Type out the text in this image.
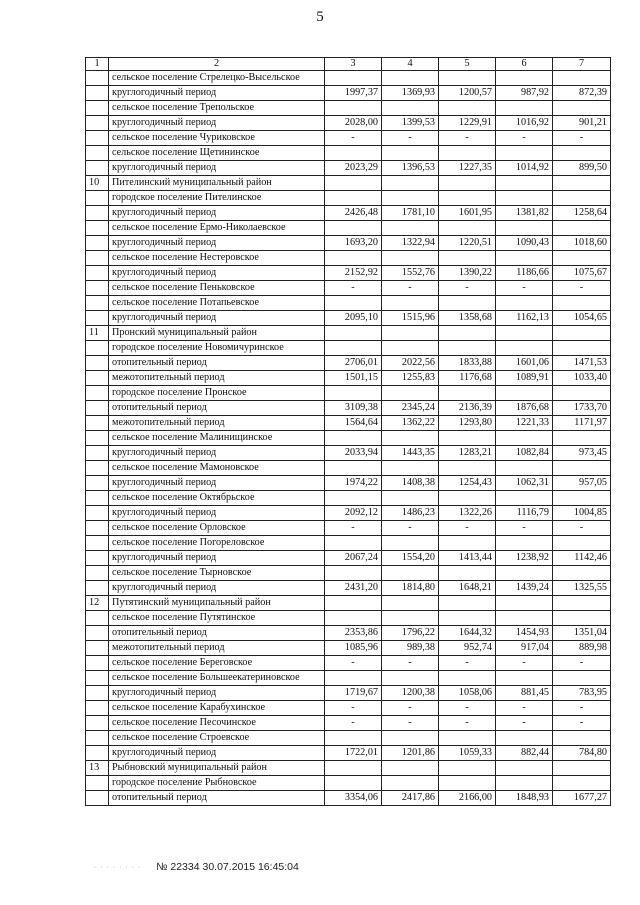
5
1	2	3	4	5	6	7
	сельское поселение Стрелецко-Высельское					
	круглогодичный период	1997,37	1369,93	1200,57	987,92	872,39
	сельское поселение Трепольское					
	круглогодичный период	2028,00	1399,53	1229,91	1016,92	901,21
	сельское поселение Чуриковское	-	-	-	-	-
	сельское поселение Щетининское					
	круглогодичный период	2023,29	1396,53	1227,35	1014,92	899,50
10	Пителинский муниципальный район					
	городское поселение Пителинское					
	круглогодичный период	2426,48	1781,10	1601,95	1381,82	1258,64
	сельское поселение Ермо-Николаевское					
	круглогодичный период	1693,20	1322,94	1220,51	1090,43	1018,60
	сельское поселение Нестеровское					
	круглогодичный период	2152,92	1552,76	1390,22	1186,66	1075,67
	сельское поселение Пеньковское	-	-	-	-	-
	сельское поселение Потапьевское					
	круглогодичный период	2095,10	1515,96	1358,68	1162,13	1054,65
11	Пронский муниципальный район					
	городское поселение Новомичуринское					
	отопительный период	2706,01	2022,56	1833,88	1601,06	1471,53
	межотопительный период	1501,15	1255,83	1176,68	1089,91	1033,40
	городское поселение Пронское					
	отопительный период	3109,38	2345,24	2136,39	1876,68	1733,70
	межотопительный период	1564,64	1362,22	1293,80	1221,33	1171,97
	сельское поселение Малинищинское					
	круглогодичный период	2033,94	1443,35	1283,21	1082,84	973,45
	сельское поселение Мамоновское					
	круглогодичный период	1974,22	1408,38	1254,43	1062,31	957,05
	сельское поселение Октябрьское					
	круглогодичный период	2092,12	1486,23	1322,26	1116,79	1004,85
	сельское поселение Орловское	-	-	-	-	-
	сельское поселение Погореловское					
	круглогодичный период	2067,24	1554,20	1413,44	1238,92	1142,46
	сельское поселение Тырновское					
	круглогодичный период	2431,20	1814,80	1648,21	1439,24	1325,55
12	Путятинский муниципальный район					
	сельское поселение Путятинское					
	отопительный период	2353,86	1796,22	1644,32	1454,93	1351,04
	межотопительный период	1085,96	989,38	952,74	917,04	889,98
	сельское поселение Береговское	-	-	-	-	-
	сельское поселение Большеекатериновское					
	круглогодичный период	1719,67	1200,38	1058,06	881,45	783,95
	сельское поселение Карабухинское	-	-	-	-	-
	сельское поселение Песочинское	-	-	-	-	-
	сельское поселение Строевское					
	круглогодичный период	1722,01	1201,86	1059,33	882,44	784,80
13	Рыбновский муниципальный район					
	городское поселение Рыбновское					
	отопительный период	3354,06	2417,86	2166,00	1848,93	1677,27
· · · · · · · · № 22334 30.07.2015 16:45:04
